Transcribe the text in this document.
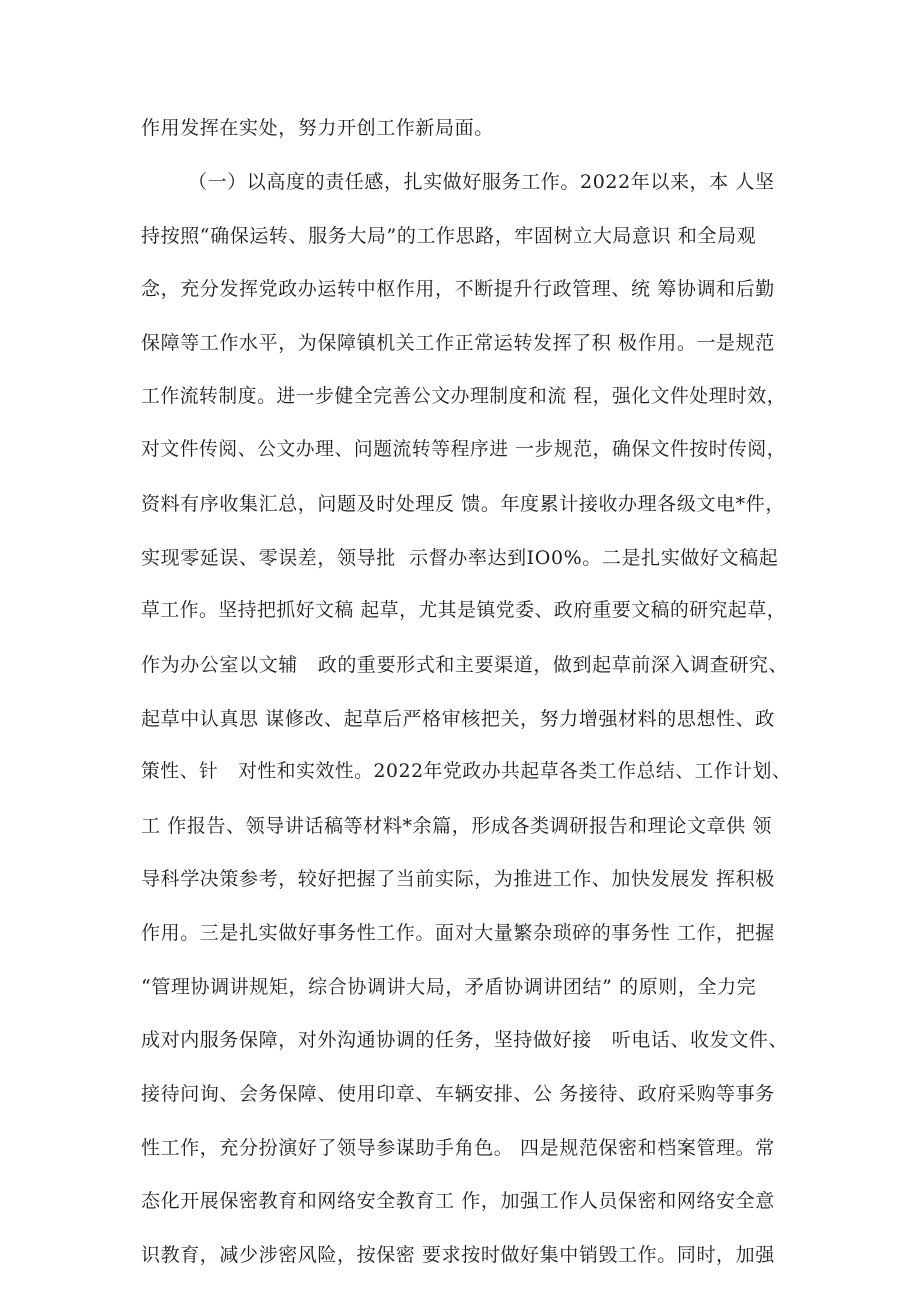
作用发挥在实处，努力开创工作新局面。
（一）以高度的责任感，扎实做好服务工作。2022年以来，本 人坚
持按照“确保运转、服务大局”的工作思路，牢固树立大局意识 和全局观
念，充分发挥党政办运转中枢作用，不断提升行政管理、统 筹协调和后勤
保障等工作水平，为保障镇机关工作正常运转发挥了积 极作用。一是规范
工作流转制度。进一步健全完善公文办理制度和流 程，强化文件处理时效，
对文件传阅、公文办理、问题流转等程序进 一步规范，确保文件按时传阅，
资料有序收集汇总，问题及时处理反 馈。年度累计接收办理各级文电*件，
实现零延误、零误差，领导批  示督办率达到IO0%。二是扎实做好文稿起
草工作。坚持把抓好文稿 起草，尤其是镇党委、政府重要文稿的研究起草，
作为办公室以文辅   政的重要形式和主要渠道，做到起草前深入调查研究、
起草中认真思 谋修改、起草后严格审核把关，努力增强材料的思想性、政
策性、针   对性和实效性。2022年党政办共起草各类工作总结、工作计划、
工 作报告、领导讲话稿等材料*余篇，形成各类调研报告和理论文章供 领
导科学决策参考，较好把握了当前实际，为推进工作、加快发展发 挥积极
作用。三是扎实做好事务性工作。面对大量繁杂琐碎的事务性 工作，把握
“管理协调讲规矩，综合协调讲大局，矛盾协调讲团结” 的原则，全力完
成对内服务保障，对外沟通协调的任务，坚持做好接   听电话、收发文件、
接待问询、会务保障、使用印章、车辆安排、公 务接待、政府采购等事务
性工作，充分扮演好了领导参谋助手角色。 四是规范保密和档案管理。常
态化开展保密教育和网络安全教育工 作，加强工作人员保密和网络安全意
识教育，减少涉密风险，按保密 要求按时做好集中销毁工作。同时，加强
